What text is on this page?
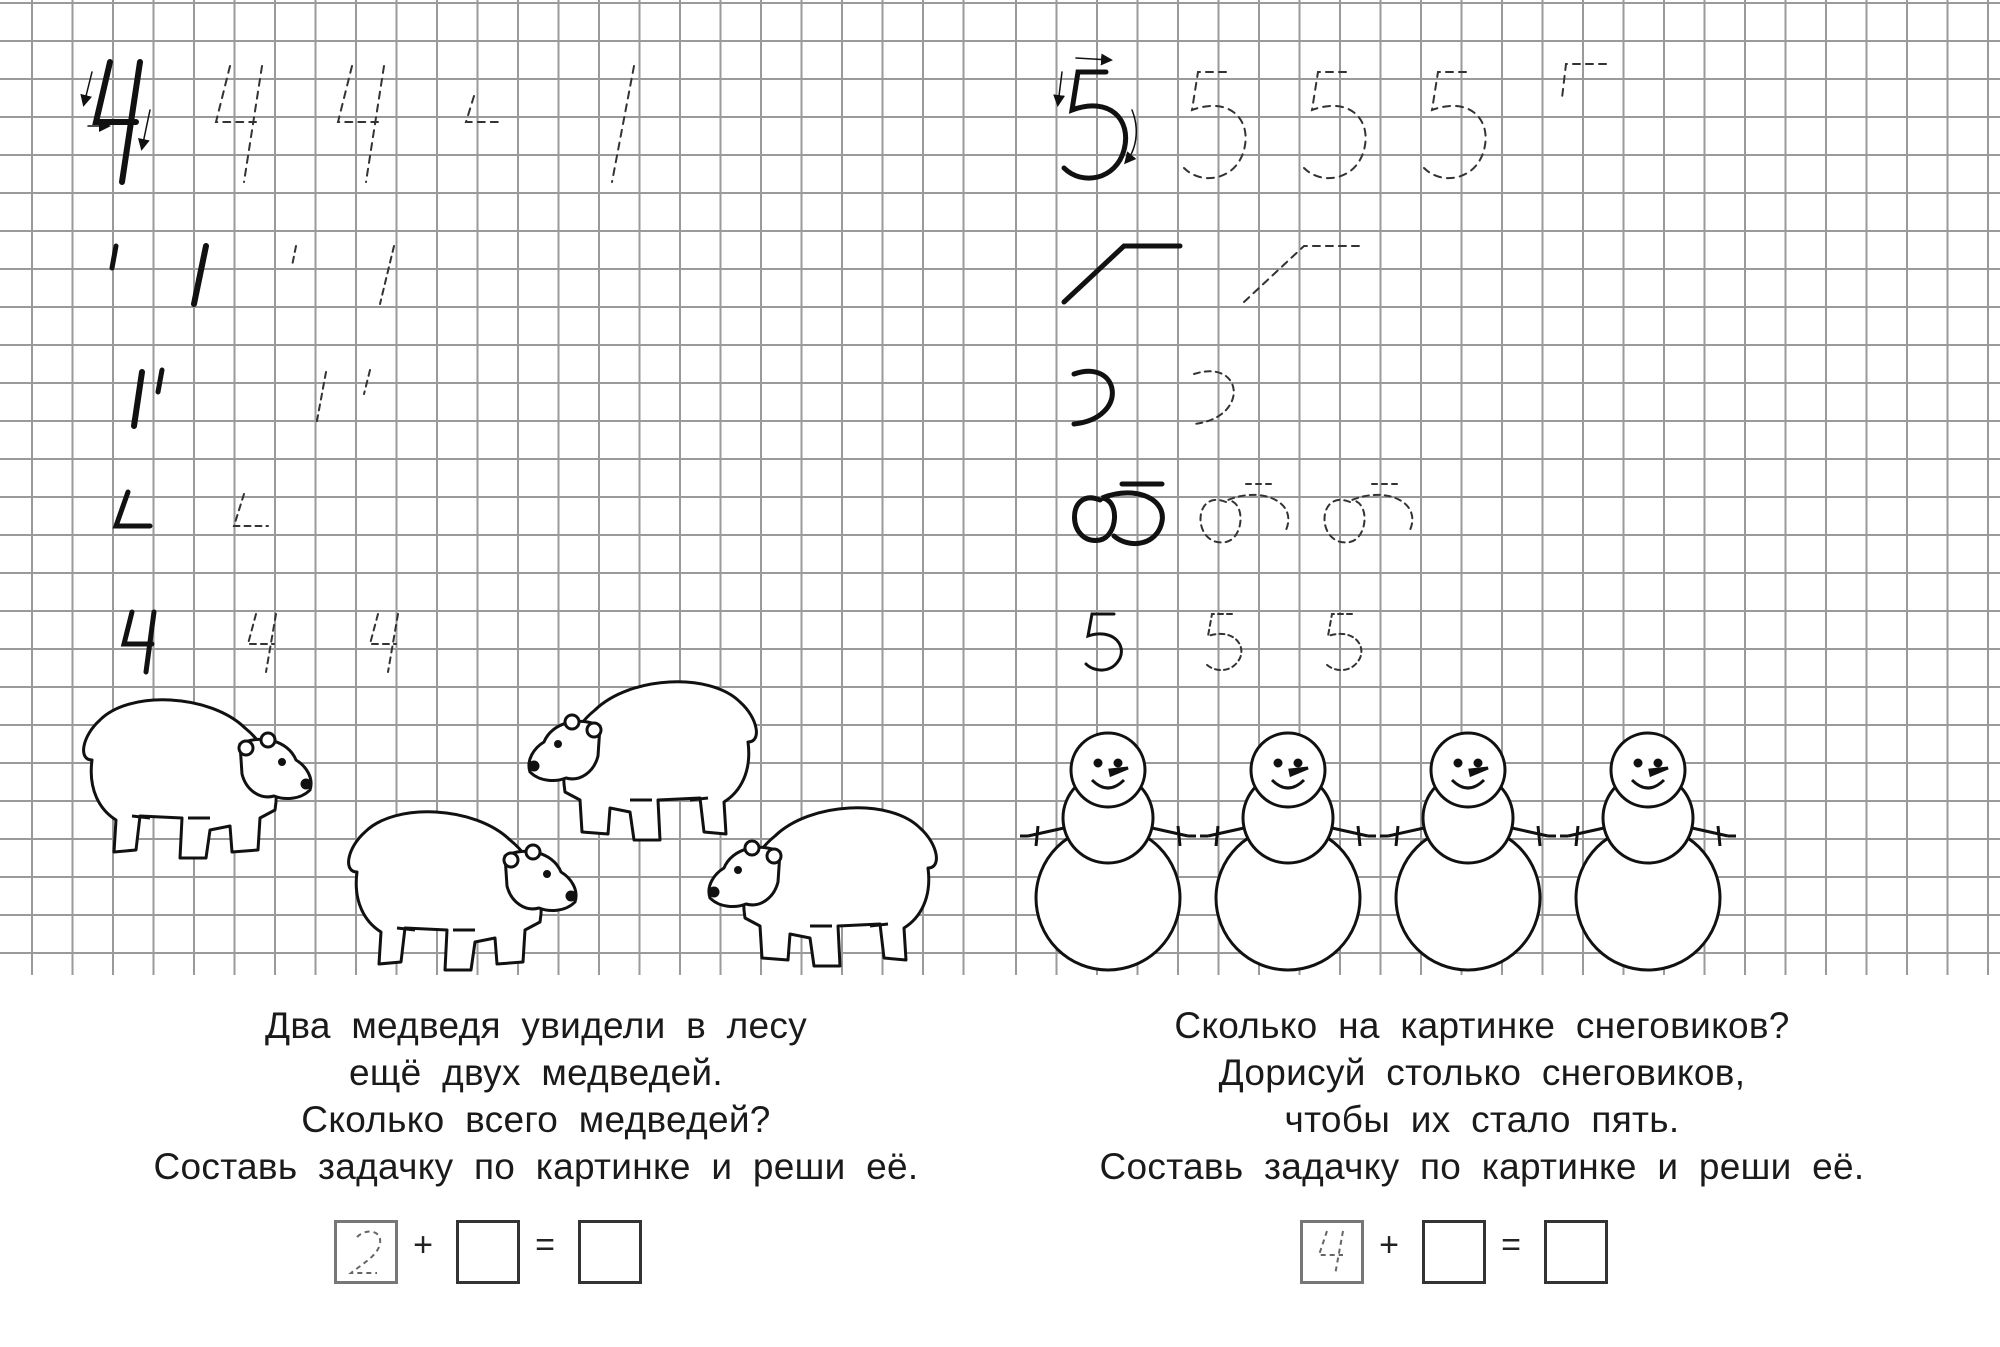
Два медведя увидели в лесу
ещё двух медведей.
Сколько всего медведей?
Составь задачку по картинке и реши её.
Сколько на картинке снеговиков?
Дорисуй столько снеговиков,
чтобы их стало пять.
Составь задачку по картинке и реши её.
+	=	+	=
